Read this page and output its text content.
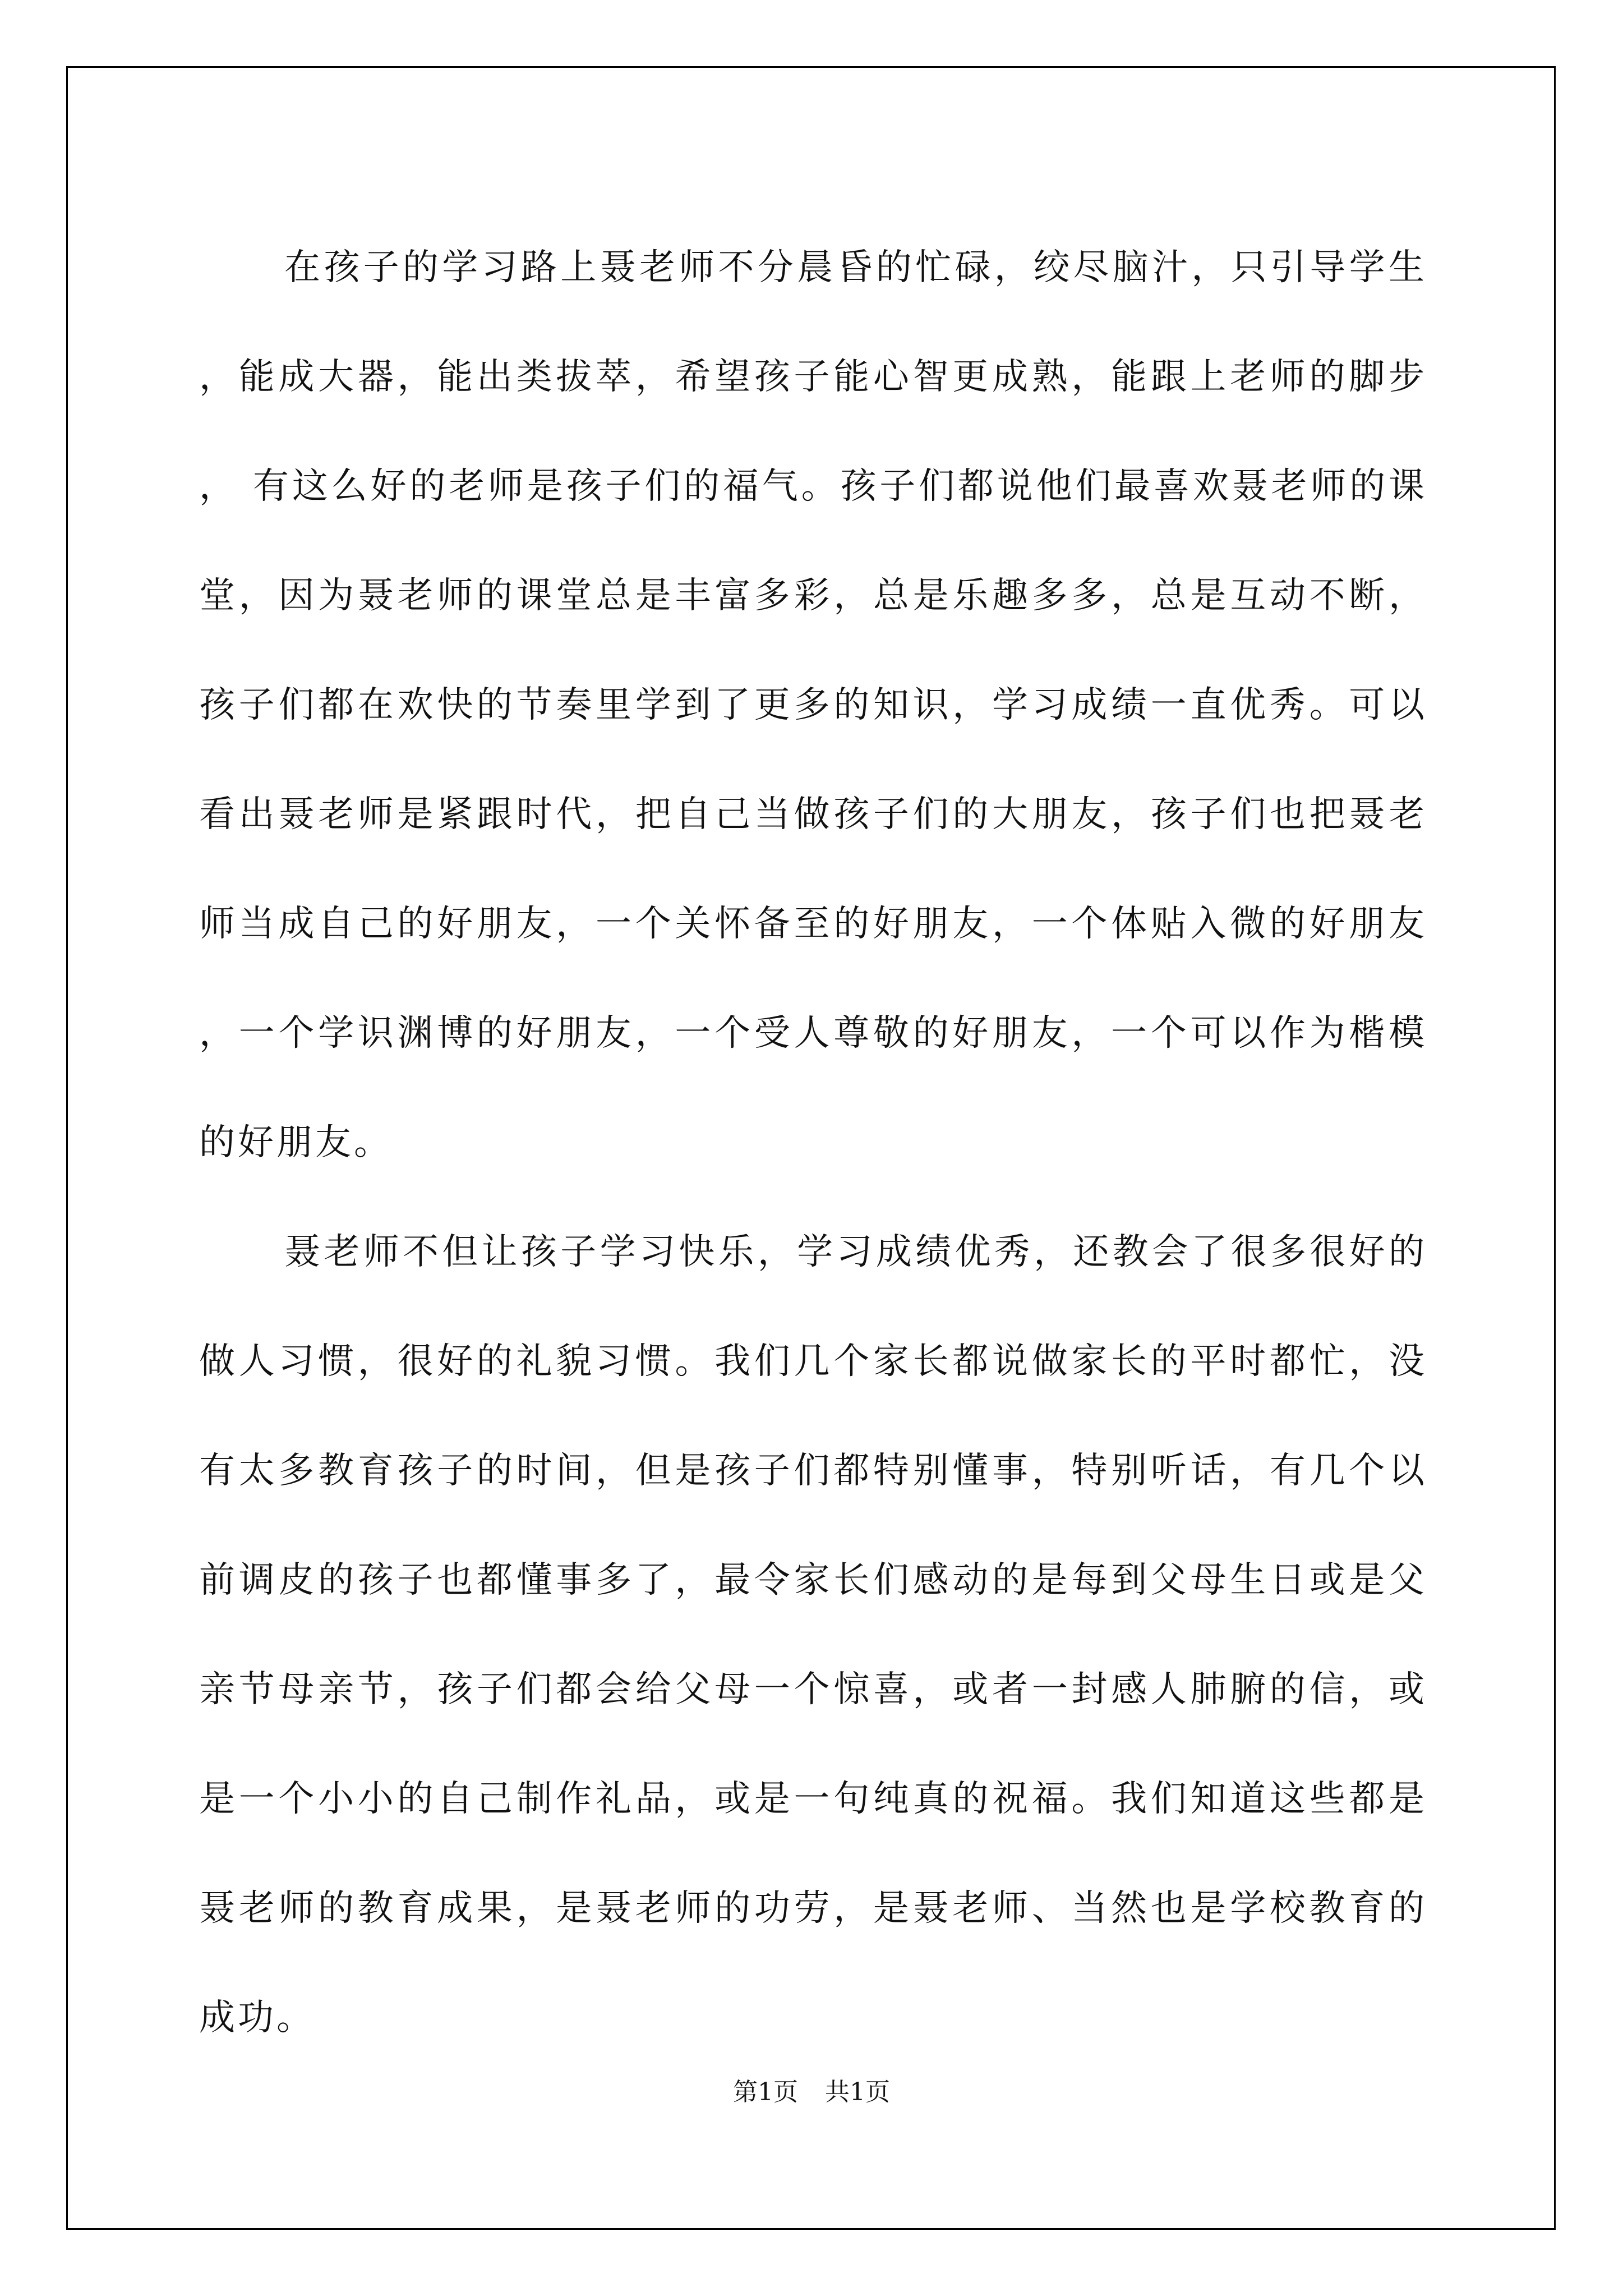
在孩子的学习路上聂老师不分晨昏的忙碌，绞尽脑汁，只引导学生，能成大器，能出类拔萃，希望孩子能心智更成熟，能跟上老师的脚步， 有这么好的老师是孩子们的福气。孩子们都说他们最喜欢聂老师的课堂，因为聂老师的课堂总是丰富多彩，总是乐趣多多，总是互动不断，孩子们都在欢快的节奏里学到了更多的知识，学习成绩一直优秀。可以看出聂老师是紧跟时代，把自己当做孩子们的大朋友，孩子们也把聂老师当成自己的好朋友，一个关怀备至的好朋友，一个体贴入微的好朋友，一个学识渊博的好朋友，一个受人尊敬的好朋友，一个可以作为楷模的好朋友。

聂老师不但让孩子学习快乐，学习成绩优秀，还教会了很多很好的做人习惯，很好的礼貌习惯。我们几个家长都说做家长的平时都忙，没有太多教育孩子的时间，但是孩子们都特别懂事，特别听话，有几个以前调皮的孩子也都懂事多了，最令家长们感动的是每到父母生日或是父亲节母亲节，孩子们都会给父母一个惊喜，或者一封感人肺腑的信，或是一个小小的自己制作礼品，或是一句纯真的祝福。我们知道这些都是聂老师的教育成果，是聂老师的功劳，是聂老师、当然也是学校教育的成功。

第1页 共1页
